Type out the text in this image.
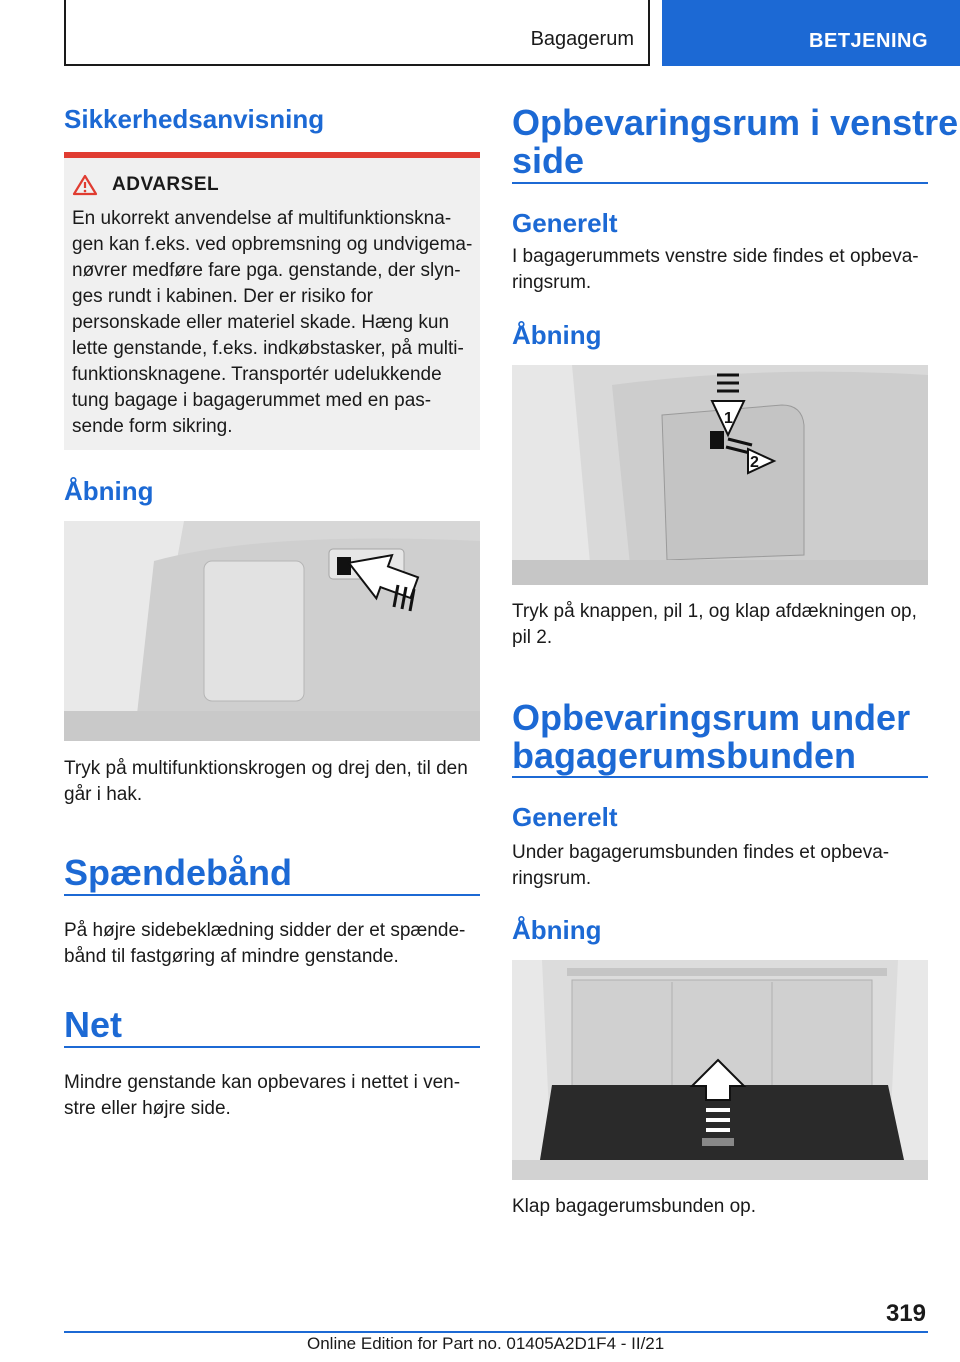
Bagagerum	BETJENING
Sikkerhedsanvisning
ADVARSEL

En ukorrekt anvendelse af multifunktionskna‐
gen kan f.eks. ved opbremsning og undvigema‐
nøvrer medføre fare pga. genstande, der slyn‐
ges rundt i kabinen. Der er risiko for
personskade eller materiel skade. Hæng kun
lette genstande, f.eks. indkøbstasker, på multi‐
funktionsknagene. Transportér udelukkende
tung bagage i bagagerummet med en pas‐
sende form sikring.

Åbning

Tryk på multifunktionskrogen og drej den, til den
går i hak.

Spændebånd

På højre sidebeklædning sidder der et spænde‐
bånd til fastgøring af mindre genstande.

Net

Mindre genstande kan opbevares i nettet i ven‐
stre eller højre side.

Opbevaringsrum i venstre
side
Generelt

I bagagerummets venstre side findes et opbeva‐
ringsrum.

Åbning
1
2

Tryk på knappen, pil 1, og klap afdækningen op,
pil 2.

Opbevaringsrum under
bagagerumsbunden
Generelt

Under bagagerumsbunden findes et opbeva‐
ringsrum.

Åbning

Klap bagagerumsbunden op.

319
Online Edition for Part no. 01405A2D1F4 - II/21
